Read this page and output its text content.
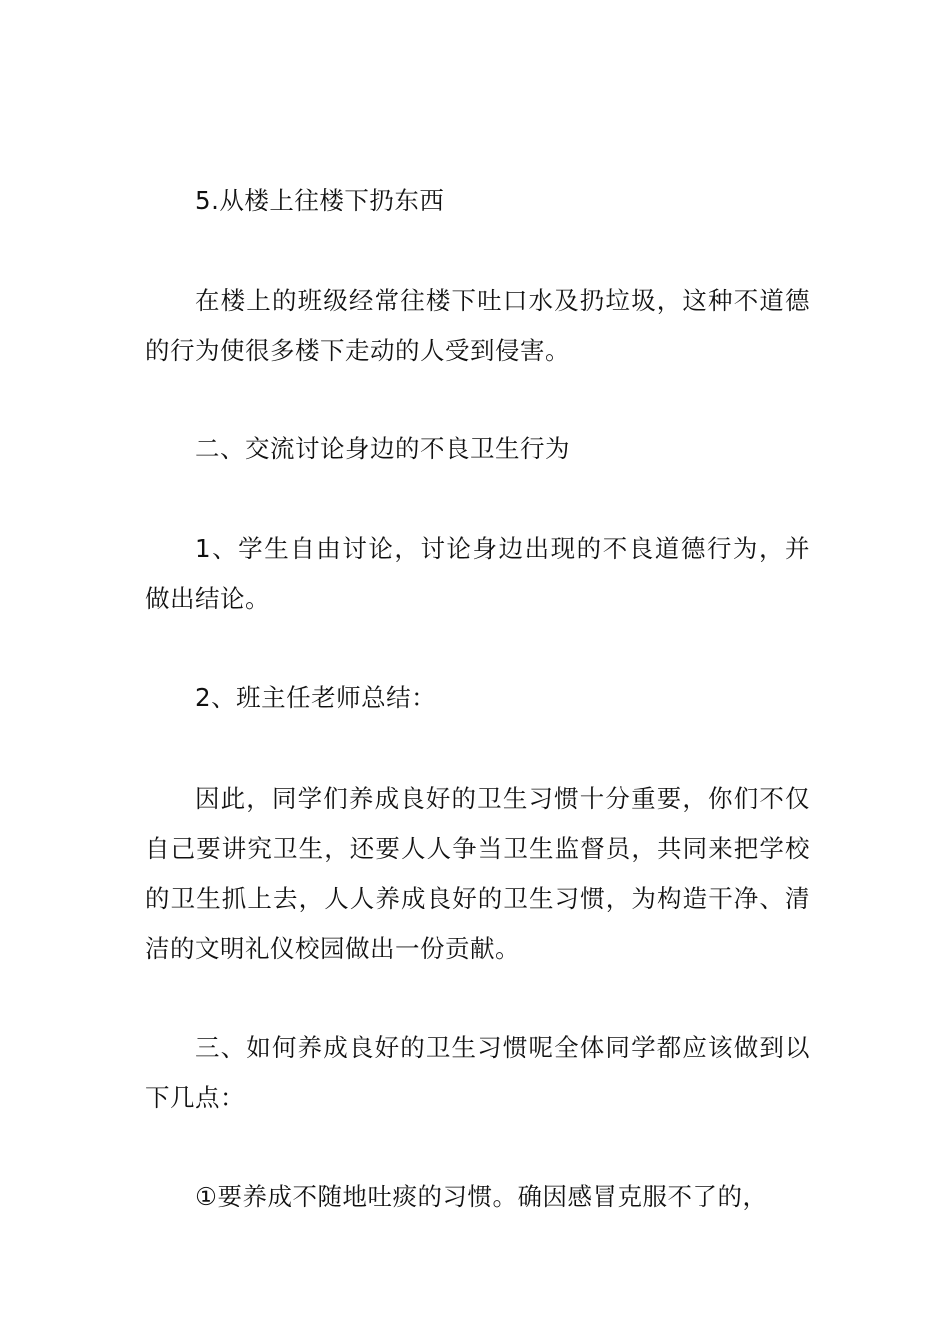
5.从楼上往楼下扔东西

在楼上的班级经常往楼下吐口水及扔垃圾，这种不道德的行为使很多楼下走动的人受到侵害。

二、交流讨论身边的不良卫生行为

1、学生自由讨论，讨论身边出现的不良道德行为，并做出结论。

2、班主任老师总结：

因此，同学们养成良好的卫生习惯十分重要，你们不仅自己要讲究卫生，还要人人争当卫生监督员，共同来把学校的卫生抓上去，人人养成良好的卫生习惯，为构造干净、清洁的文明礼仪校园做出一份贡献。

三、如何养成良好的卫生习惯呢全体同学都应该做到以下几点：

①要养成不随地吐痰的习惯。确因感冒克服不了的，
